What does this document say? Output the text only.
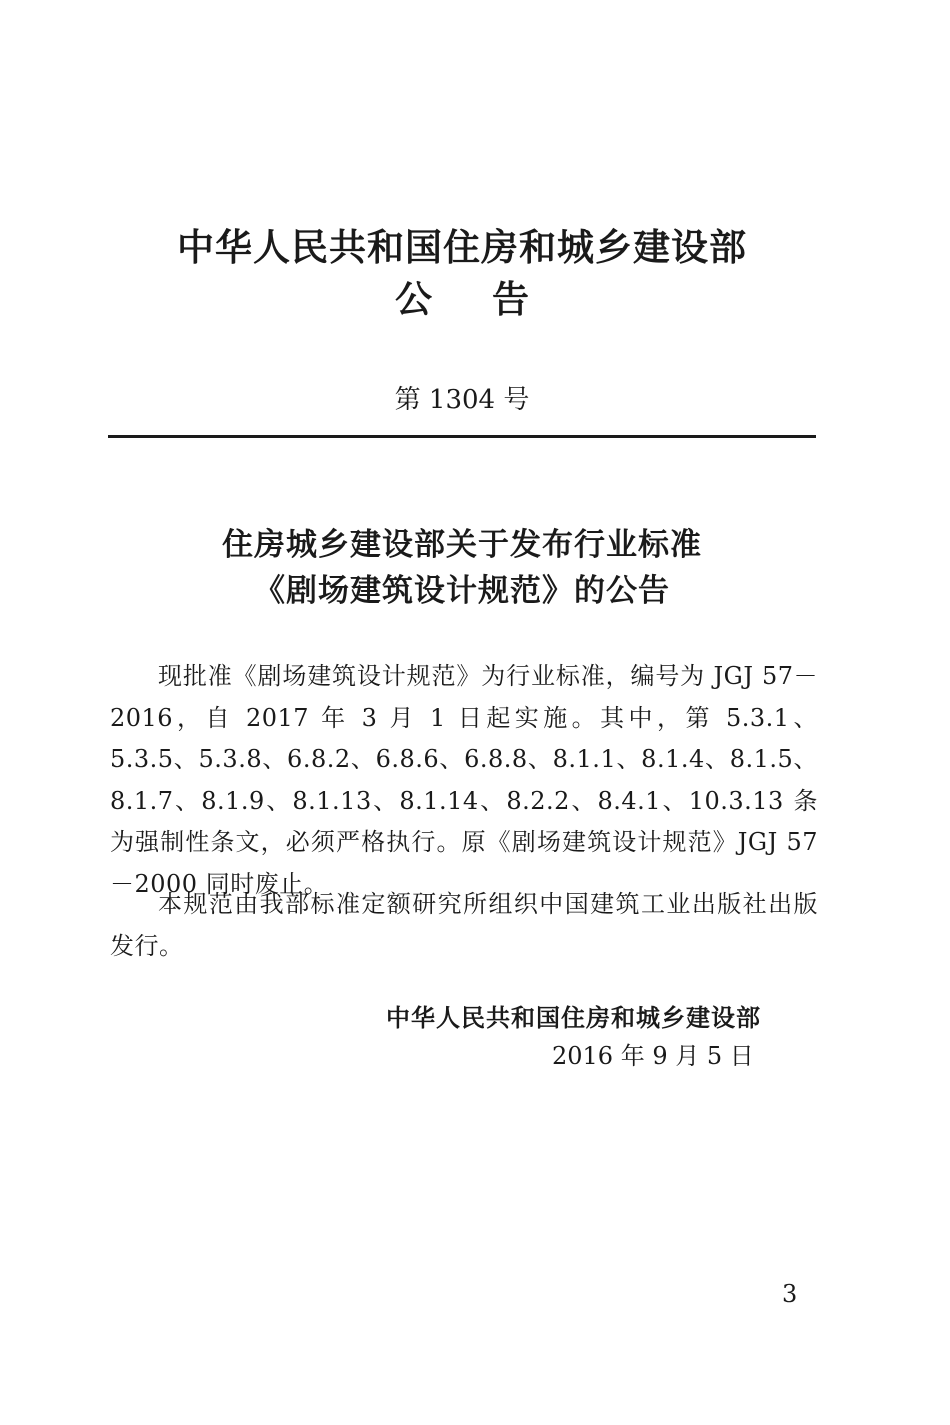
中华人民共和国住房和城乡建设部
公告

第 1304 号

住房城乡建设部关于发布行业标准
《剧场建筑设计规范》的公告

现批准《剧场建筑设计规范》为行业标准，编号为 JGJ 57－2016，自 2017 年 3 月 1 日起实施。其中，第 5.3.1、5.3.5、5.3.8、6.8.2、6.8.6、6.8.8、8.1.1、8.1.4、8.1.5、8.1.7、8.1.9、8.1.13、8.1.14、8.2.2、8.4.1、10.3.13 条为强制性条文，必须严格执行。原《剧场建筑设计规范》JGJ 57－2000 同时废止。

本规范由我部标准定额研究所组织中国建筑工业出版社出版发行。

中华人民共和国住房和城乡建设部

2016 年 9 月 5 日

3
